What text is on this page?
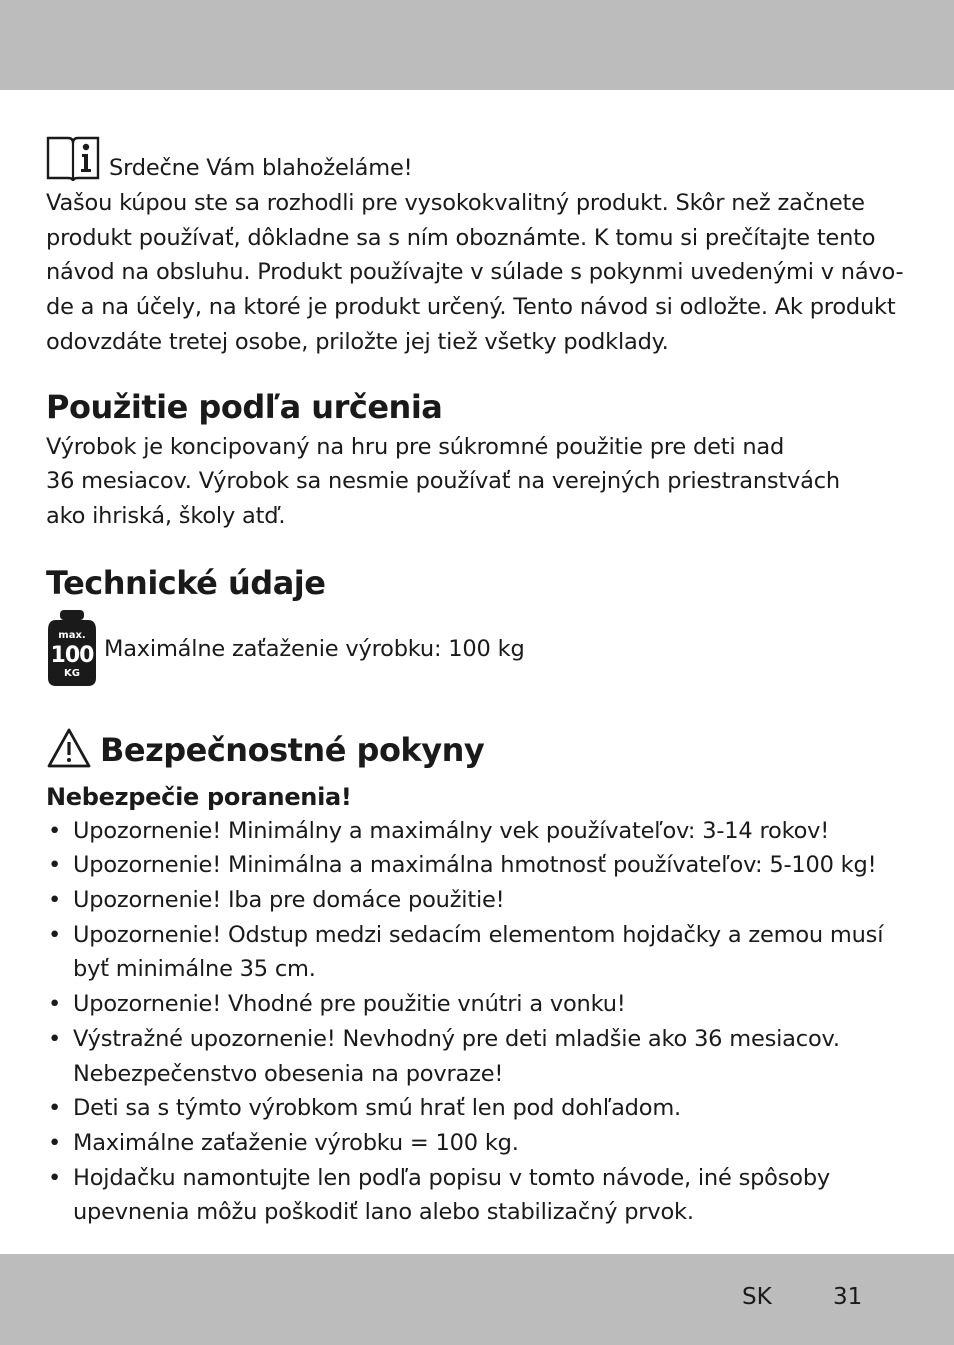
Srdečne Vám blahoželáme!

Vašou kúpou ste sa rozhodli pre vysokokvalitný produkt. Skôr než začnete

produkt používať, dôkladne sa s ním oboznámte. K tomu si prečítajte tento

návod na obsluhu. Produkt používajte v súlade s pokynmi uvedenými v návo-

de a na účely, na ktoré je produkt určený. Tento návod si odložte. Ak produkt

odovzdáte tretej osobe, priložte jej tiež všetky podklady.

Použitie podľa určenia

Výrobok je koncipovaný na hru pre súkromné použitie pre deti nad

36 mesiacov. Výrobok sa nesmie používať na verejných priestranstvách

ako ihriská, školy atď.

Technické údaje
max.
100
KG

Maximálne zaťaženie výrobku: 100 kg

Bezpečnostné pokyny
Nebezpečie poranenia!
• Upozornenie! Minimálny a maximálny vek používateľov: 3-14 rokov!
• Upozornenie! Minimálna a maximálna hmotnosť používateľov: 5-100 kg!
• Upozornenie! Iba pre domáce použitie!
• Upozornenie! Odstup medzi sedacím elementom hojdačky a zemou musí
byť minimálne 35 cm.
• Upozornenie! Vhodné pre použitie vnútri a vonku!
• Výstražné upozornenie! Nevhodný pre deti mladšie ako 36 mesiacov.
Nebezpečenstvo obesenia na povraze!
• Deti sa s týmto výrobkom smú hrať len pod dohľadom.
• Maximálne zaťaženie výrobku = 100 kg.
• Hojdačku namontujte len podľa popisu v tomto návode, iné spôsoby
upevnenia môžu poškodiť lano alebo stabilizačný prvok.
SK	31
